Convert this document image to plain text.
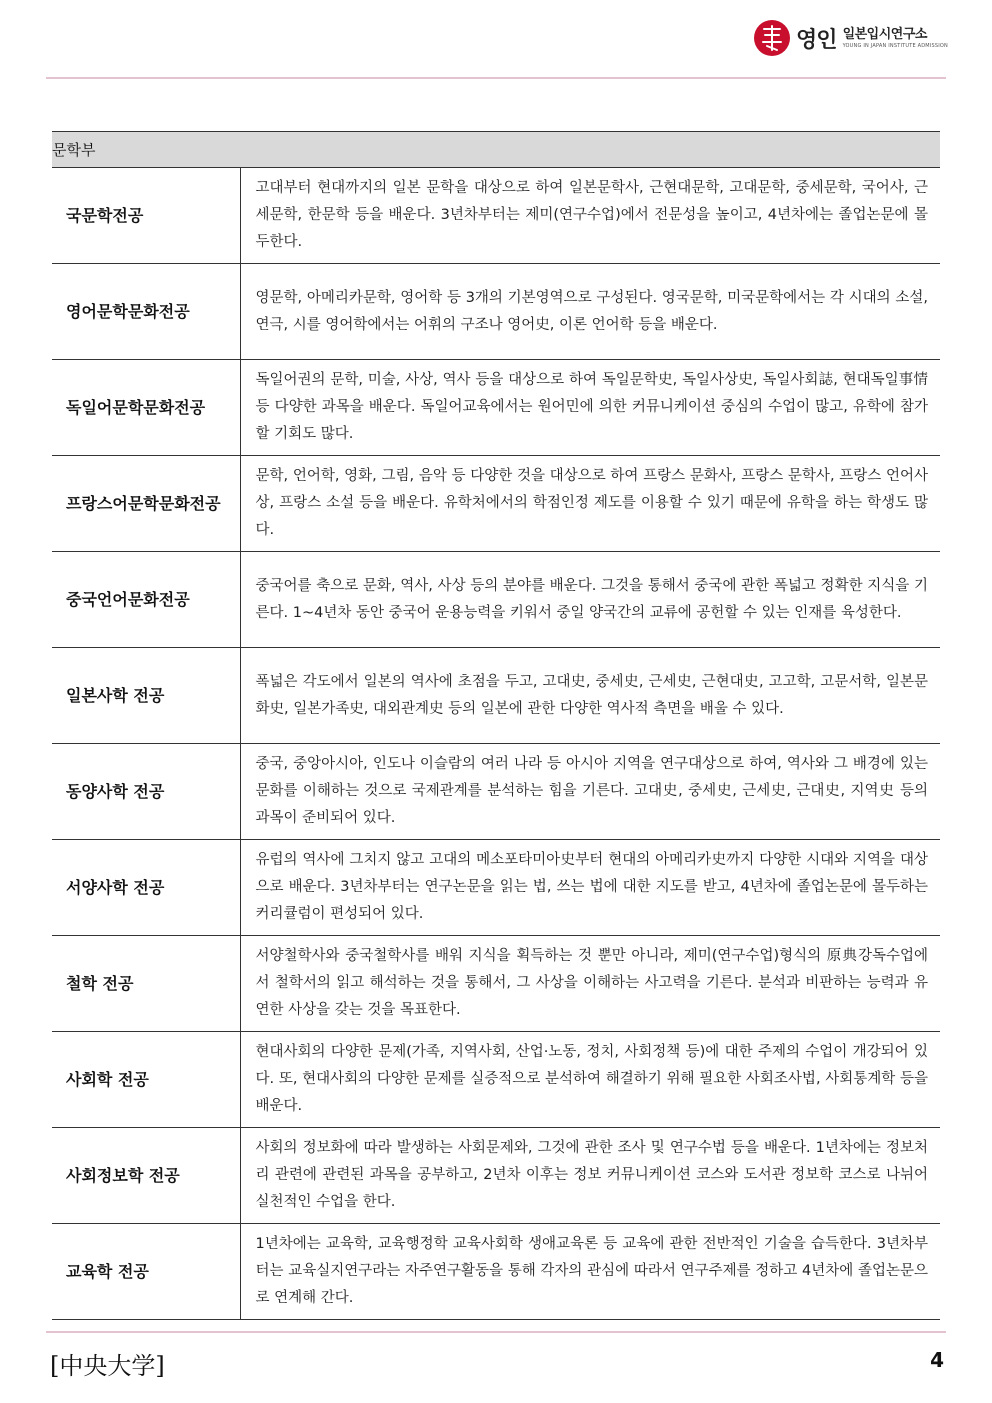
영인 일본입시연구소
YOUNG IN JAPAN INSTITUTE ADMISSION
문학부	
국문학전공	고대부터 현대까지의 일본 문학을 대상으로 하여 일본문학사, 근현대문학, 고대문학, 중세문학, 국어사, 근세문학, 한문학 등을 배운다. 3년차부터는 제미(연구수업)에서 전문성을 높이고, 4년차에는 졸업논문에 몰두한다.
영어문학문화전공	영문학, 아메리카문학, 영어학 등 3개의 기본영역으로 구성된다. 영국문학, 미국문학에서는 각 시대의 소설, 연극, 시를 영어학에서는 어휘의 구조나 영어史, 이론 언어학 등을 배운다.
독일어문학문화전공	독일어권의 문학, 미술, 사상, 역사 등을 대상으로 하여 독일문학史, 독일사상史, 독일사회誌, 현대독일事情 등 다양한 과목을 배운다. 독일어교육에서는 원어민에 의한 커뮤니케이션 중심의 수업이 많고, 유학에 참가할 기회도 많다.
프랑스어문학문화전공	문학, 언어학, 영화, 그림, 음악 등 다양한 것을 대상으로 하여 프랑스 문화사, 프랑스 문학사, 프랑스 언어사상, 프랑스 소설 등을 배운다. 유학처에서의 학점인정 제도를 이용할 수 있기 때문에 유학을 하는 학생도 많다.
중국언어문화전공	중국어를 축으로 문화, 역사, 사상 등의 분야를 배운다. 그것을 통해서 중국에 관한 폭넓고 정확한 지식을 기른다. 1~4년차 동안 중국어 운용능력을 키워서 중일 양국간의 교류에 공헌할 수 있는 인재를 육성한다.
일본사학 전공	폭넓은 각도에서 일본의 역사에 초점을 두고, 고대史, 중세史, 근세史, 근현대史, 고고학, 고문서학, 일본문화史, 일본가족史, 대외관계史 등의 일본에 관한 다양한 역사적 측면을 배울 수 있다.
동양사학 전공	중국, 중앙아시아, 인도나 이슬람의 여러 나라 등 아시아 지역을 연구대상으로 하여, 역사와 그 배경에 있는 문화를 이해하는 것으로 국제관계를 분석하는 힘을 기른다. 고대史, 중세史, 근세史, 근대史, 지역史 등의 과목이 준비되어 있다.
서양사학 전공	유럽의 역사에 그치지 않고 고대의 메소포타미아史부터 현대의 아메리카史까지 다양한 시대와 지역을 대상으로 배운다. 3년차부터는 연구논문을 읽는 법, 쓰는 법에 대한 지도를 받고, 4년차에 졸업논문에 몰두하는 커리큘럼이 편성되어 있다.
철학 전공	서양철학사와 중국철학사를 배워 지식을 획득하는 것 뿐만 아니라, 제미(연구수업)형식의 原典강독수업에서 철학서의 읽고 해석하는 것을 통해서, 그 사상을 이해하는 사고력을 기른다. 분석과 비판하는 능력과 유연한 사상을 갖는 것을 목표한다.
사회학 전공	현대사회의 다양한 문제(가족, 지역사회, 산업·노동, 정치, 사회정책 등)에 대한 주제의 수업이 개강되어 있다. 또, 현대사회의 다양한 문제를 실증적으로 분석하여 해결하기 위해 필요한 사회조사법, 사회통계학 등을 배운다.
사회정보학 전공	사회의 정보화에 따라 발생하는 사회문제와, 그것에 관한 조사 및 연구수법 등을 배운다. 1년차에는 정보처리 관련에 관련된 과목을 공부하고, 2년차 이후는 정보 커뮤니케이션 코스와 도서관 정보학 코스로 나뉘어 실천적인 수업을 한다.
교육학 전공	1년차에는 교육학, 교육행정학 교육사회학 생애교육론 등 교육에 관한 전반적인 기술을 습득한다. 3년차부터는 교육실지연구라는 자주연구활동을 통해 각자의 관심에 따라서 연구주제를 정하고 4년차에 졸업논문으로 연계해 간다.
[中央大学]	4
